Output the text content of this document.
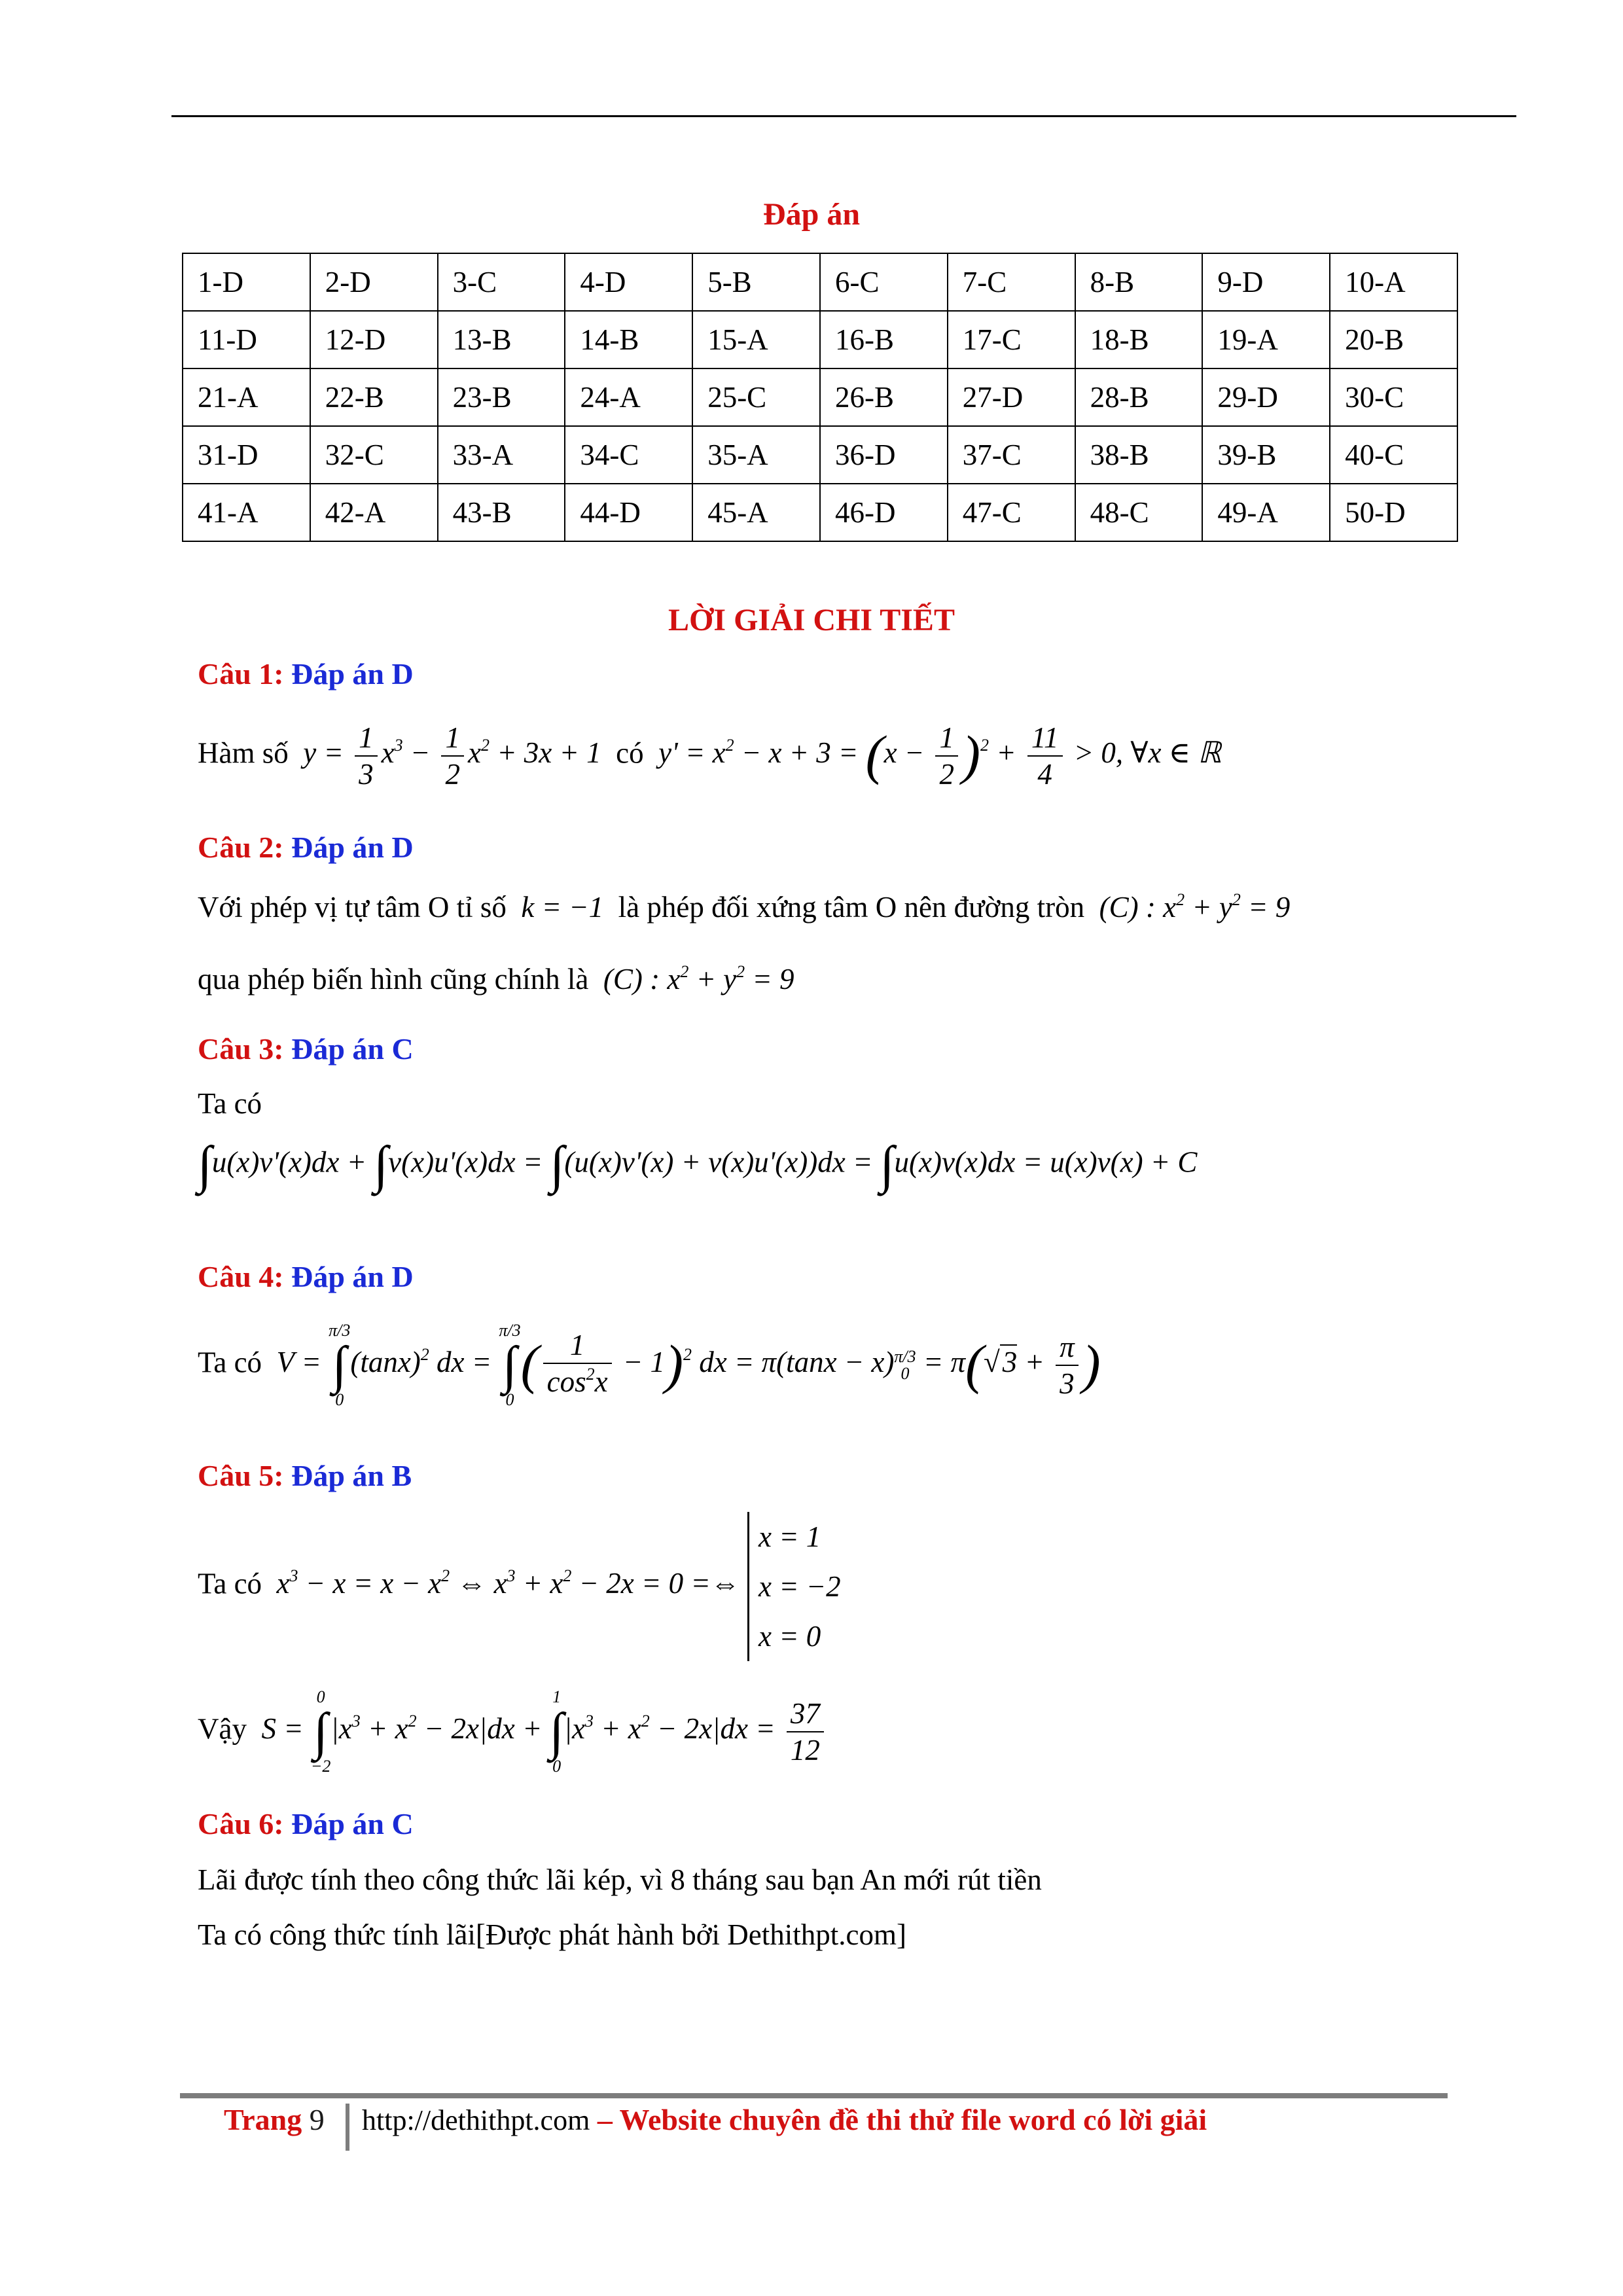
Đáp án
1-D	2-D	3-C	4-D	5-B	6-C	7-C	8-B	9-D	10-A
11-D	12-D	13-B	14-B	15-A	16-B	17-C	18-B	19-A	20-B
21-A	22-B	23-B	24-A	25-C	26-B	27-D	28-B	29-D	30-C
31-D	32-C	33-A	34-C	35-A	36-D	37-C	38-B	39-B	40-C
41-A	42-A	43-B	44-D	45-A	46-D	47-C	48-C	49-A	50-D
LỜI GIẢI CHI TIẾT
Câu 1: Đáp án D
Hàm số  $y = \frac{1}{3} x^3 - \frac{1}{2} x^2 + 3x + 1$  có  $y' = x^2 - x + 3 = (x - \frac{1}{2} )^2 + \frac{11}{4} > 0$, ∀x ∈ ℝ
Câu 2: Đáp án D
Với phép vị tự tâm O tỉ số  k = −1  là phép đối xứng tâm O nên đường tròn  (C) : $x^2 + y^2 = 9$
qua phép biến hình cũng chính là  (C) : $x^2 + y^2 = 9$
Câu 3: Đáp án C
Ta có
∫u(x)v'(x)dx + ∫v(x)u'(x)dx = ∫(u(x)v'(x) + v(x)u'(x))dx = ∫u(x)v(x)dx = u(x)v(x) + C
Câu 4: Đáp án D
Ta có  V =
π/3
∫
0
$(\tan x)^2$ dx =
π/3
∫
0
( $\frac{1}{\cos^2x} - 1)^2$ dx = π(tanx − x) π/3
$0 = \pi(√3 + \frac{\pi}{3}$ )
Câu 5: Đáp án B
Ta có  $x^3 - x = x - x^2$ ⇔ $x^3 + x^2 - 2x = 0$ =⇔ x = 1
x = −2
x = 0
Vậy  S =
0
∫
−2
$|x^3 + x^2 - 2x|dx$ +
1
∫
0
$|x^3 + x^2 - 2x|dx = \frac{37}{12}$
Câu 6: Đáp án C
Lãi được tính theo công thức lãi kép, vì 8 tháng sau bạn An mới rút tiền
Ta có công thức tính lãi[Được phát hành bởi Dethithpt.com]
Trang 9 http://dethithpt.com – Website chuyên đề thi thử file word có lời giải
